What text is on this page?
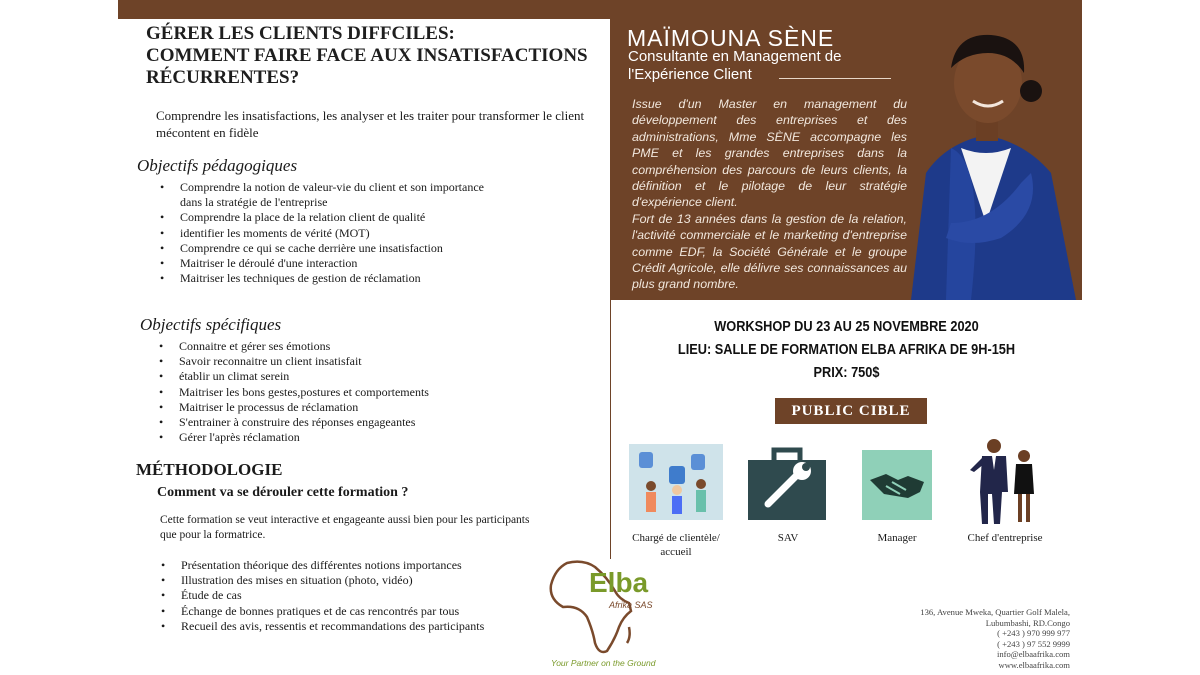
GÉRER LES CLIENTS DIFFCILES:
COMMENT FAIRE FACE AUX INSATISFACTIONS
RÉCURRENTES?
Comprendre les insatisfactions, les analyser et les traiter pour transformer le client mécontent en fidèle
Objectifs pédagogiques
• Comprendre la notion de valeur-vie du client et son importance dans la stratégie de l'entreprise
• Comprendre la place de la relation client de qualité
• identifier les moments de vérité (MOT)
• Comprendre ce qui se cache derrière une insatisfaction
• Maitriser le déroulé d'une interaction
• Maitriser les techniques de gestion de réclamation
Objectifs spécifiques
• Connaitre et gérer ses émotions
• Savoir reconnaitre un client insatisfait
• établir un climat serein
• Maitriser les bons gestes,postures et comportements
• Maitriser le processus de réclamation
• S'entrainer à construire des réponses engageantes
• Gérer l'après réclamation
MÉTHODOLOGIE
Comment va se dérouler cette formation ?
Cette formation se veut interactive et engageante aussi bien pour les participants que pour la formatrice.
• Présentation théorique des différentes notions importances
• Illustration des mises en situation (photo, vidéo)
• Étude de cas
• Échange de bonnes pratiques et de cas rencontrés par tous
• Recueil des avis, ressentis et recommandations des participants
MAÏMOUNA SÈNE
Consultante en Management de
l'Expérience Client

Issue d'un Master en management du développement des entreprises et des administrations, Mme SÈNE accompagne les PME et les grandes entreprises dans la compréhension des parcours de leurs clients, la définition et le pilotage de leur stratégie d'expérience client.

Fort de 13 années dans la gestion de la relation, l'activité commerciale et le marketing d'entreprise comme EDF, la Société Générale et le groupe Crédit Agricole, elle délivre ses connaissances au plus grand nombre.

WORKSHOP DU 23 AU 25 NOVEMBRE 2020
LIEU: SALLE DE FORMATION ELBA AFRIKA DE 9H-15H
PRIX: 750$
PUBLIC CIBLE
Chargé de clientèle/ accueil
SAV	Manager	Chef d'entreprise
Elba
Afrika SAS
Your Partner on the Ground
136, Avenue Mweka, Quartier Golf Malela,
Lubumbashi, RD.Congo
( +243 ) 970 999 977
( +243 ) 97 552 9999
info@elbaafrika.com
www.elbaafrika.com
